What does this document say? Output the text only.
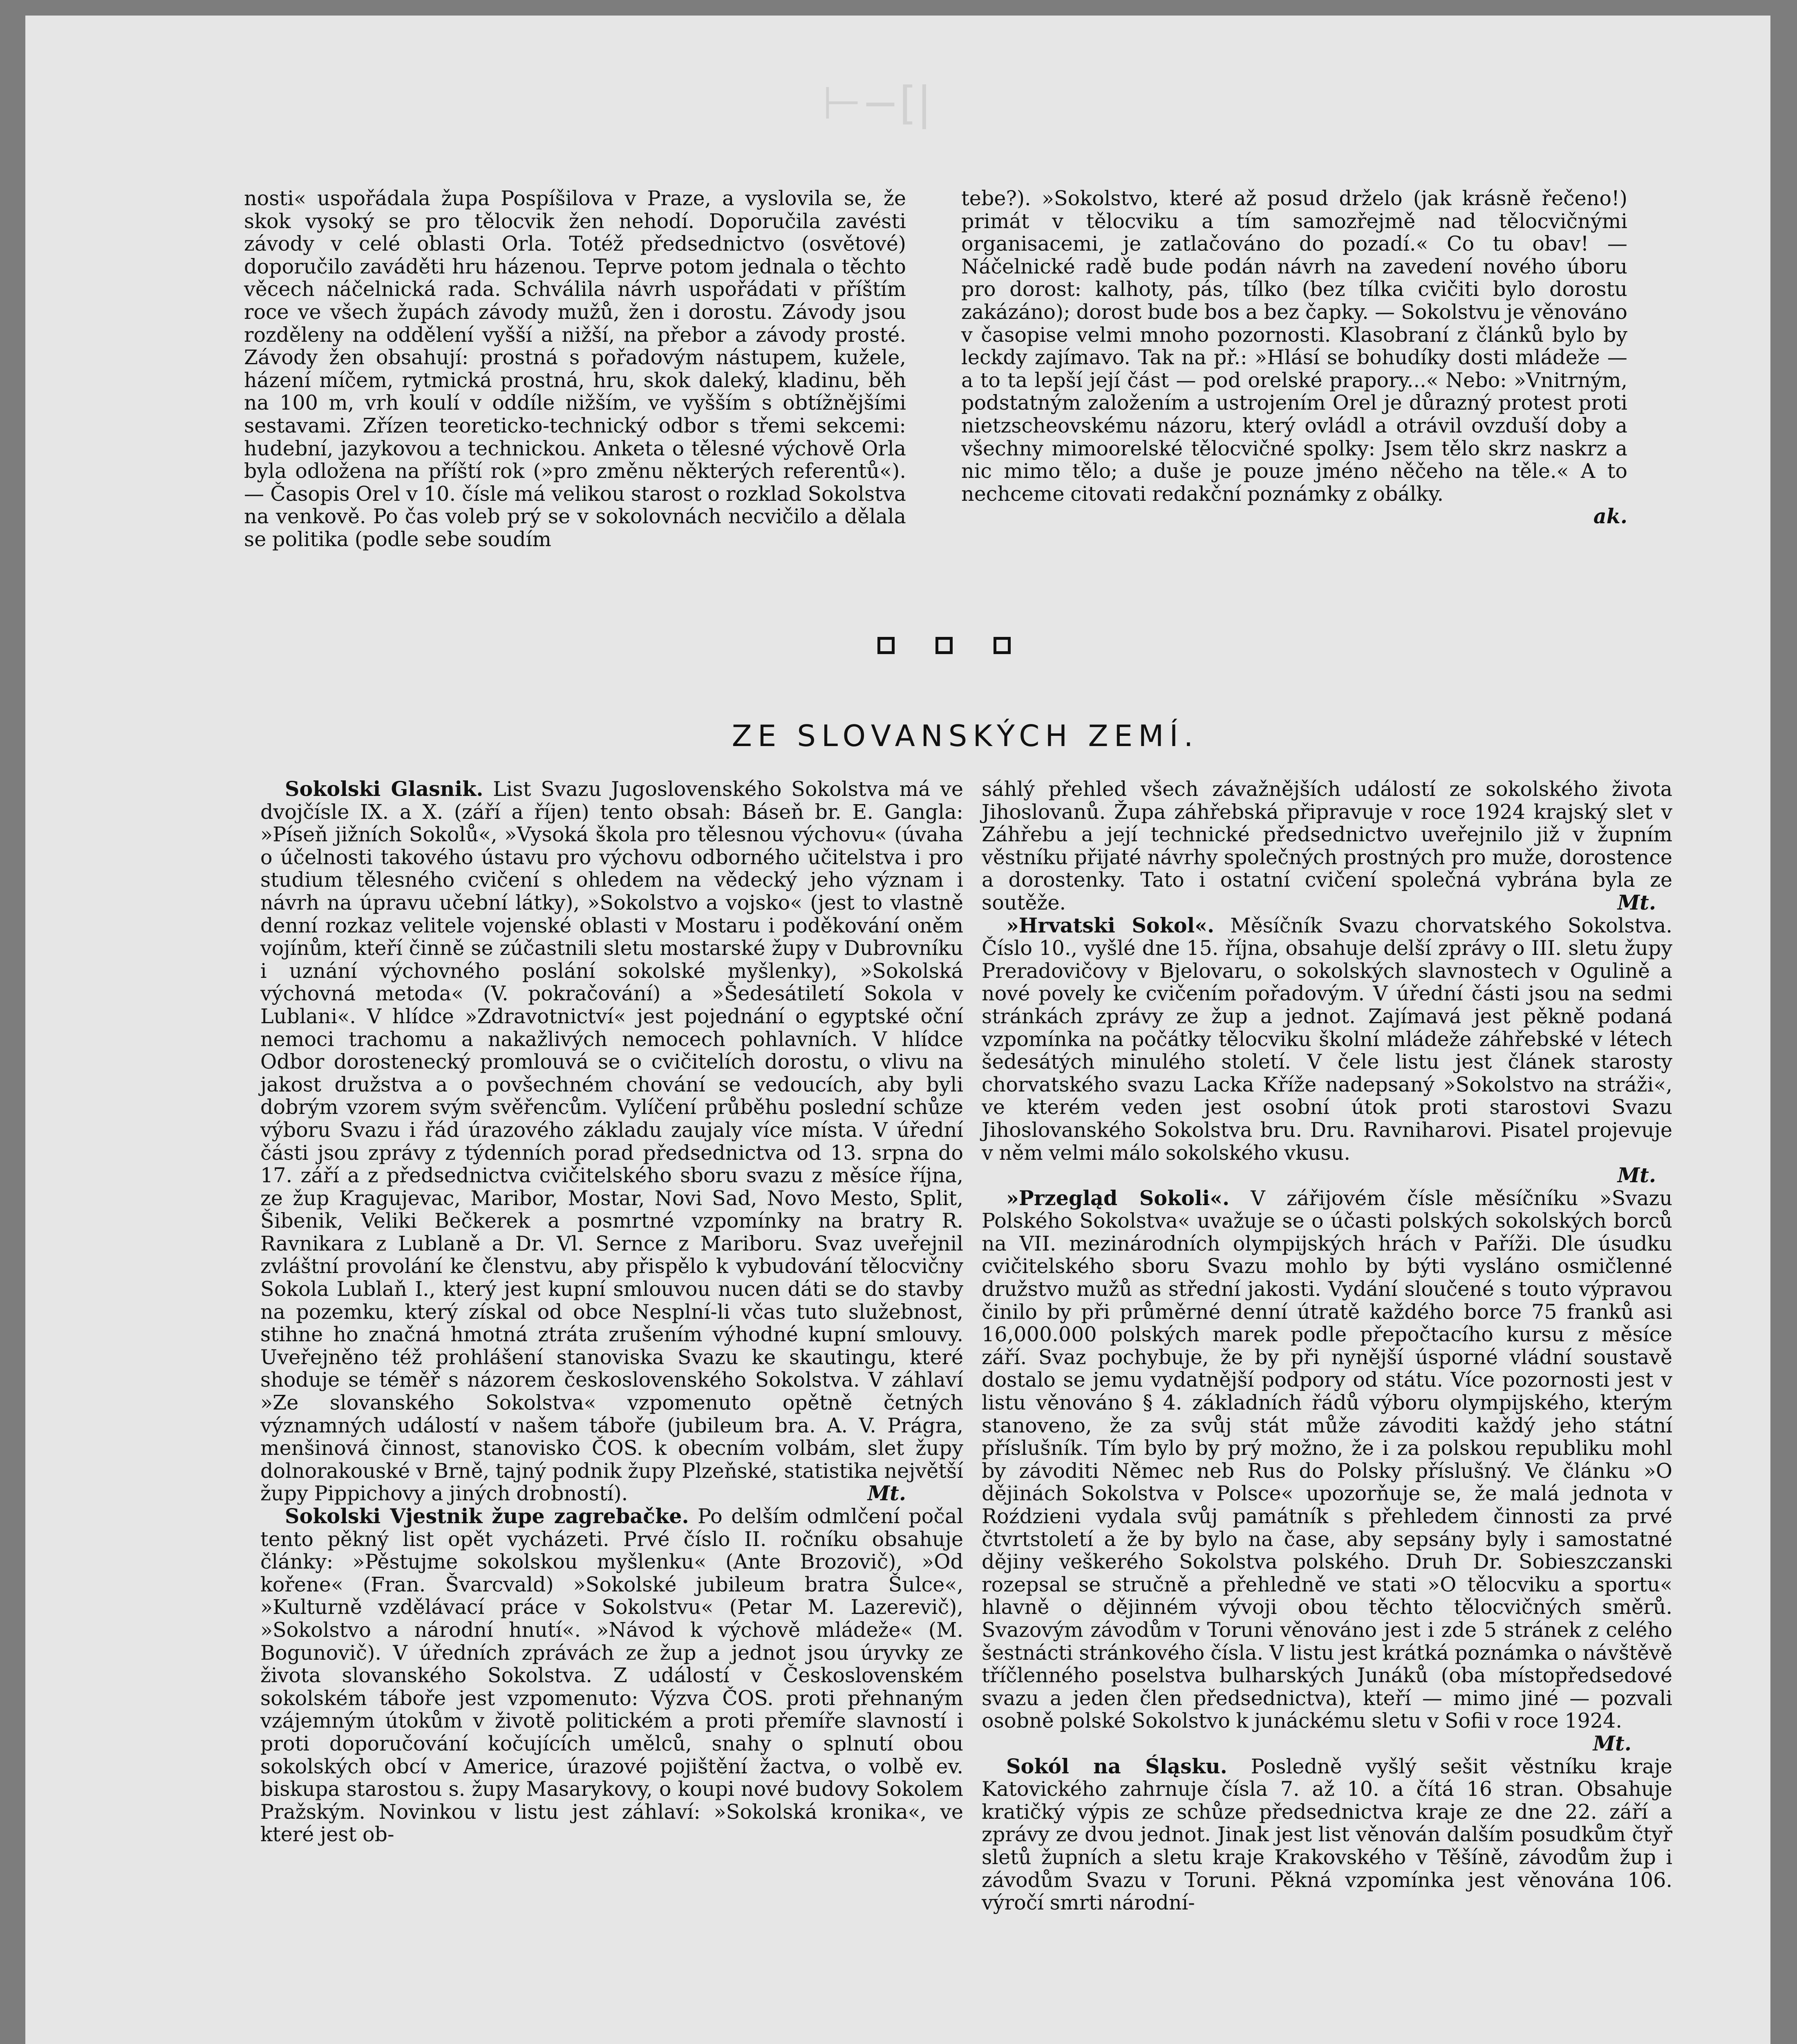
⊢−[|

nosti« uspořádala župa Pospíšilova v Praze, a vyslovila se, že skok vysoký se pro tělocvik žen nehodí. Doporučila zavésti závody v celé oblasti Orla. Totéž předsednictvo (osvětové) doporučilo zaváděti hru házenou. Teprve potom jednala o těchto věcech náčelnická rada. Schválila návrh uspořádati v příštím roce ve všech župách závody mužů, žen i dorostu. Závody jsou rozděleny na oddělení vyšší a nižší, na přebor a závody prosté. Závody žen obsahují: prostná s pořadovým nástupem, kužele, házení míčem, rytmická prostná, hru, skok daleký, kladinu, běh na 100 m, vrh koulí v oddíle nižším, ve vyšším s obtížnějšími sestavami. Zřízen teoreticko-technický odbor s třemi sekcemi: hudební, jazykovou a technickou. Anketa o tělesné výchově Orla byla odložena na příští rok (»pro změnu některých referentů«). — Časopis Orel v 10. čísle má velikou starost o rozklad Sokolstva na venkově. Po čas voleb prý se v sokolovnách necvičilo a dělala se politika (podle sebe soudím

tebe?). »Sokolstvo, které až posud drželo (jak krásně řečeno!) primát v tělocviku a tím samozřejmě nad tělocvičnými organisacemi, je zatlačováno do pozadí.« Co tu obav! — Náčelnické radě bude podán návrh na zavedení nového úboru pro dorost: kalhoty, pás, tílko (bez tílka cvičiti bylo dorostu zakázáno); dorost bude bos a bez čapky. — Sokolstvu je věnováno v časopise velmi mnoho pozornosti. Klasobraní z článků bylo by leckdy zajímavo. Tak na př.: »Hlásí se bohudíky dosti mládeže — a to ta lepší její část — pod orelské prapory...« Nebo: »Vnitrným, podstatným založením a ustrojením Orel je důrazný protest proti nietzscheovskému názoru, který ovládl a otrávil ovzduší doby a všechny mimoorelské tělocvičné spolky: Jsem tělo skrz naskrz a nic mimo tělo; a duše je pouze jméno něčeho na těle.« A to nechceme citovati redakční poznámky z obálky.

ak.

ZE SLOVANSKÝCH ZEMÍ.

Sokolski Glasnik. List Svazu Jugoslovenského Sokolstva má ve dvojčísle IX. a X. (září a říjen) tento obsah: Báseň br. E. Gangla: »Píseň jižních Sokolů«, »Vysoká škola pro tělesnou výchovu« (úvaha o účelnosti takového ústavu pro výchovu odborného učitelstva i pro studium tělesného cvičení s ohledem na vědecký jeho význam i návrh na úpravu učební látky), »Sokolstvo a vojsko« (jest to vlastně denní rozkaz velitele vojenské oblasti v Mostaru i poděkování oněm vojínům, kteří činně se zúčastnili sletu mostarské župy v Dubrovníku i uznání výchovného poslání sokolské myšlenky), »Sokolská výchovná metoda« (V. pokračování) a »Šedesátiletí Sokola v Lublani«. V hlídce »Zdravotnictví« jest pojednání o egyptské oční nemoci trachomu a nakažlivých nemocech pohlavních. V hlídce Odbor dorostenecký promlouvá se o cvičitelích dorostu, o vlivu na jakost družstva a o povšechném chování se vedoucích, aby byli dobrým vzorem svým svěřencům. Vylíčení průběhu poslední schůze výboru Svazu i řád úrazového základu zaujaly více místa. V úřední části jsou zprávy z týdenních porad předsednictva od 13. srpna do 17. září a z předsednictva cvičitelského sboru svazu z měsíce října, ze žup Kragujevac, Maribor, Mostar, Novi Sad, Novo Mesto, Split, Šibenik, Veliki Bečkerek a posmrtné vzpomínky na bratry R. Ravnikara z Lublaně a Dr. Vl. Sernce z Mariboru. Svaz uveřejnil zvláštní provolání ke členstvu, aby přispělo k vybudování tělocvičny Sokola Lublaň I., který jest kupní smlouvou nucen dáti se do stavby na pozemku, který získal od obce Nesplní-li včas tuto služebnost, stihne ho značná hmotná ztráta zrušením výhodné kupní smlouvy. Uveřejněno též prohlášení stanoviska Svazu ke skautingu, které shoduje se téměř s názorem československého Sokolstva. V záhlaví »Ze slovanského Sokolstva« vzpomenuto opětně četných významných událostí v našem táboře (jubileum bra. A. V. Prágra, menšinová činnost, stanovisko ČOS. k obecním volbám, slet župy dolnorakouské v Brně, tajný podnik župy Plzeňské, statistika největší župy Pippichovy a jiných drobností).	Mt.

Sokolski Vjestnik župe zagrebačke. Po delším odmlčení počal tento pěkný list opět vycházeti. Prvé číslo II. ročníku obsahuje články: »Pěstujme sokolskou myšlenku« (Ante Brozovič), »Od kořene« (Fran. Švarcvald) »Sokolské jubileum bratra Šulce«, »Kulturně vzdělávací práce v Sokolstvu« (Petar M. Lazerevič), »Sokolstvo a národní hnutí«. »Návod k výchově mládeže« (M. Bogunovič). V úředních zprávách ze žup a jednot jsou úryvky ze života slovanského Sokolstva. Z událostí v Československém sokolském táboře jest vzpomenuto: Výzva ČOS. proti přehnaným vzájemným útokům v životě politickém a proti přemíře slavností i proti doporučování kočujících umělců, snahy o splnutí obou sokolských obcí v Americe, úrazové pojištění žactva, o volbě ev. biskupa starostou s. župy Masarykovy, o koupi nové budovy Sokolem Pražským. Novinkou v listu jest záhlaví: »Sokolská kronika«, ve které jest ob-

sáhlý přehled všech závažnějších událostí ze sokolského života Jihoslovanů. Župa záhřebská připravuje v roce 1924 krajský slet v Záhřebu a její technické předsednictvo uveřejnilo již v župním věstníku přijaté návrhy společných prostných pro muže, dorostence a dorostenky. Tato i ostatní cvičení společná vybrána byla ze soutěže.	Mt.

»Hrvatski Sokol«. Měsíčník Svazu chorvatského Sokolstva. Číslo 10., vyšlé dne 15. října, obsahuje delší zprávy o III. sletu župy Preradovičovy v Bjelovaru, o sokolských slavnostech v Ogulině a nové povely ke cvičením pořadovým. V úřední části jsou na sedmi stránkách zprávy ze žup a jednot. Zajímavá jest pěkně podaná vzpomínka na počátky tělocviku školní mládeže záhřebské v létech šedesátých minulého století. V čele listu jest článek starosty chorvatského svazu Lacka Kříže nadepsaný »Sokolstvo na stráži«, ve kterém veden jest osobní útok proti starostovi Svazu Jihoslovanského Sokolstva bru. Dru. Ravniharovi. Pisatel projevuje v něm velmi málo sokolského vkusu.

Mt.

»Przegląd Sokoli«. V zářijovém čísle měsíčníku »Svazu Polského Sokolstva« uvažuje se o účasti polských sokolských borců na VII. mezinárodních olympijských hrách v Paříži. Dle úsudku cvičitelského sboru Svazu mohlo by býti vysláno osmičlenné družstvo mužů as střední jakosti. Vydání sloučené s touto výpravou činilo by při průměrné denní útratě každého borce 75 franků asi 16,000.000 polských marek podle přepočtacího kursu z měsíce září. Svaz pochybuje, že by při nynější úsporné vládní soustavě dostalo se jemu vydatnější podpory od státu. Více pozornosti jest v listu věnováno § 4. základních řádů výboru olympijského, kterým stanoveno, že za svůj stát může závoditi každý jeho státní příslušník. Tím bylo by prý možno, že i za polskou republiku mohl by závoditi Němec neb Rus do Polsky příslušný. Ve článku »O dějinách Sokolstva v Polsce« upozorňuje se, že malá jednota v Roździeni vydala svůj památník s přehledem činnosti za prvé čtvrtstoletí a že by bylo na čase, aby sepsány byly i samostatné dějiny veškerého Sokolstva polského. Druh Dr. Sobieszczanski rozepsal se stručně a přehledně ve stati »O tělocviku a sportu« hlavně o dějinném vývoji obou těchto tělocvičných směrů. Svazovým závodům v Toruni věnováno jest i zde 5 stránek z celého šestnácti stránkového čísla. V listu jest krátká poznámka o návštěvě tříčlenného poselstva bulharských Junáků (oba místopředsedové svazu a jeden člen předsednictva), kteří — mimo jiné — pozvali osobně polské Sokolstvo k junáckému sletu v Sofii v roce 1924.
Mt.

Sokól na Śląsku. Posledně vyšlý sešit věstníku kraje Katovického zahrnuje čísla 7. až 10. a čítá 16 stran. Obsahuje kratičký výpis ze schůze předsednictva kraje ze dne 22. září a zprávy ze dvou jednot. Jinak jest list věnován dalším posudkům čtyř sletů župních a sletu kraje Krakovského v Těšíně, závodům žup i závodům Svazu v Toruni. Pěkná vzpomínka jest věnována 106. výročí smrti národní-
